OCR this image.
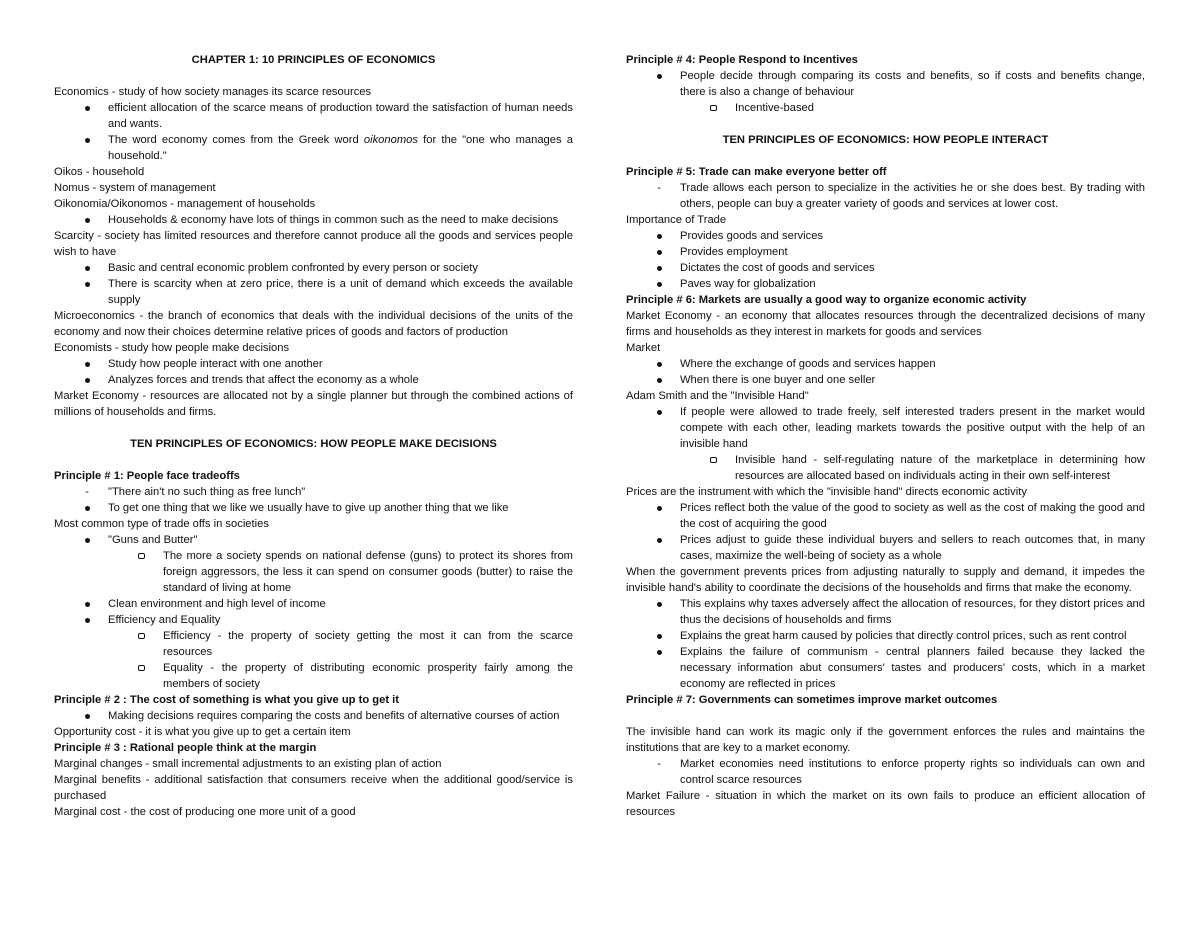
CHAPTER 1: 10 PRINCIPLES OF ECONOMICS
Economics - study of how society manages its scarce resources
efficient allocation of the scarce means of production toward the satisfaction of human needs and wants.
The word economy comes from the Greek word oikonomos for the "one who manages a household."
Oikos - household
Nomus - system of management
Oikonomia/Oikonomos - management of households
Households & economy have lots of things in common such as the need to make decisions
Scarcity - society has limited resources and therefore cannot produce all the goods and services people wish to have
Basic and central economic problem confronted by every person or society
There is scarcity when at zero price, there is a unit of demand which exceeds the available supply
Microeconomics - the branch of economics that deals with the individual decisions of the units of the economy and now their choices determine relative prices of goods and factors of production
Economists - study how people make decisions
Study how people interact with one another
Analyzes forces and trends that affect the economy as a whole
Market Economy - resources are allocated not by a single planner but through the combined actions of millions of households and firms.
TEN PRINCIPLES OF ECONOMICS: HOW PEOPLE MAKE DECISIONS
Principle # 1: People face tradeoffs
-
"There ain't no such thing as free lunch"
To get one thing that we like we usually have to give up another thing that we like
Most common type of trade offs in societies
"Guns and Butter"
The more a society spends on national defense (guns) to protect its shores from foreign aggressors, the less it can spend on consumer goods (butter) to raise the standard of living at home
Clean environment and high level of income
Efficiency and Equality
Efficiency - the property of society getting the most it can from the scarce resources
Equality - the property of distributing economic prosperity fairly among the members of society
Principle # 2 : The cost of something is what you give up to get it
Making decisions requires comparing the costs and benefits of alternative courses of action
Opportunity cost - it is what you give up to get a certain item
Principle # 3 : Rational people think at the margin
Marginal changes - small incremental adjustments to an existing plan of action
Marginal benefits - additional satisfaction that consumers receive when the additional good/service is purchased
Marginal cost - the cost of producing one more unit of a good
Principle # 4: People Respond to Incentives
People decide through comparing its costs and benefits, so if costs and benefits change, there is also a change of behaviour
Incentive-based
TEN PRINCIPLES OF ECONOMICS: HOW PEOPLE INTERACT
Principle # 5: Trade can make everyone better off
-
Trade allows each person to specialize in the activities he or she does best. By trading with others, people can buy a greater variety of goods and services at lower cost.
Importance of Trade
Provides goods and services
Provides employment
Dictates the cost of goods and services
Paves way for globalization
Principle # 6: Markets are usually a good way to organize economic activity
Market Economy - an economy that allocates resources through the decentralized decisions of many firms and households as they interest in markets for goods and services
Market
Where the exchange of goods and services happen
When there is one buyer and one seller
Adam Smith and the "Invisible Hand"
If people were allowed to trade freely, self interested traders present in the market would compete with each other, leading markets towards the positive output with the help of an invisible hand
Invisible hand - self-regulating nature of the marketplace in determining how resources are allocated based on individuals acting in their own self-interest
Prices are the instrument with which the "invisible hand" directs economic activity
Prices reflect both the value of the good to society as well as the cost of making the good and the cost of acquiring the good
Prices adjust to guide these individual buyers and sellers to reach outcomes that, in many cases, maximize the well-being of society as a whole
When the government prevents prices from adjusting naturally to supply and demand, it impedes the invisible hand's ability to coordinate the decisions of the households and firms that make the economy.
This explains why taxes adversely affect the allocation of resources, for they distort prices and thus the decisions of households and firms
Explains the great harm caused by policies that directly control prices, such as rent control
Explains the failure of communism - central planners failed because they lacked the necessary information abut consumers' tastes and producers' costs, which in a market economy are reflected in prices
Principle # 7: Governments can sometimes improve market outcomes
The invisible hand can work its magic only if the government enforces the rules and maintains the institutions that are key to a market economy.
-
Market economies need institutions to enforce property rights so individuals can own and control scarce resources
Market Failure - situation in which the market on its own fails to produce an efficient allocation of resources
